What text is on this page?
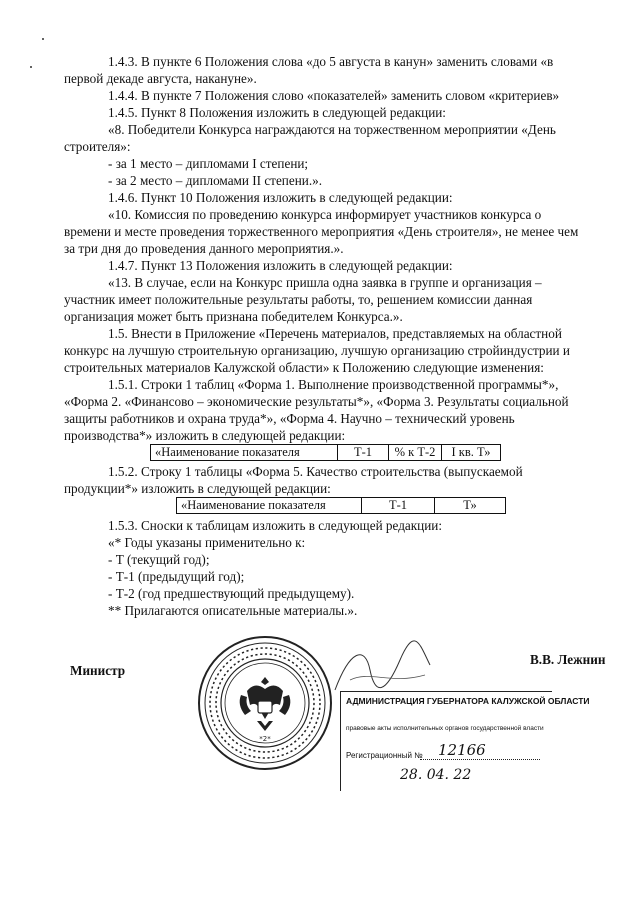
1.4.3. В пункте 6 Положения слова «до 5 августа в канун» заменить словами «в
первой декаде августа, накануне».
1.4.4. В пункте 7 Положения слово «показателей» заменить словом «критериев»
1.4.5. Пункт 8 Положения изложить в следующей редакции:
«8. Победители Конкурса награждаются на торжественном мероприятии «День
строителя»:
- за 1 место – дипломами I степени;
- за 2 место – дипломами II степени.».
1.4.6. Пункт 10 Положения изложить в следующей редакции:
«10. Комиссия по проведению конкурса информирует участников конкурса о
времени и месте проведения торжественного мероприятия «День строителя», не менее чем
за три дня до проведения данного мероприятия.».
1.4.7. Пункт 13 Положения изложить в следующей редакции:
«13. В случае, если на Конкурс пришла одна заявка в группе и организация –
участник имеет положительные результаты работы, то, решением комиссии данная
организация может быть признана победителем Конкурса.».
1.5. Внести в Приложение «Перечень материалов, представляемых на областной
конкурс на лучшую строительную организацию, лучшую организацию стройиндустрии и
строительных материалов Калужской области» к Положению следующие изменения:
1.5.1. Строки 1 таблиц «Форма 1. Выполнение производственной программы*»,
«Форма 2. «Финансово – экономические результаты*», «Форма 3. Результаты социальной
защиты работников и охрана труда*», «Форма 4. Научно – технический уровень
производства*» изложить в следующей редакции:
«Наименование показателя	Т-1	% к Т-2	I кв. Т»
1.5.2. Строку 1 таблицы «Форма 5. Качество строительства (выпускаемой
продукции*» изложить в следующей редакции:
«Наименование показателя	Т-1	Т»
1.5.3. Сноски к таблицам изложить в следующей редакции:
«* Годы указаны применительно к:
- Т (текущий год);
- Т-1 (предыдущий год);
- Т-2 (год предшествующий предыдущему).
** Прилагаются описательные материалы.».
Министр
В.В. Лежнин
*2*
АДМИНИСТРАЦИЯ ГУБЕРНАТОРА КАЛУЖСКОЙ ОБЛАСТИ
правовые акты исполнительных органов государственной власти
Регистрационный № 12166
28. 04. 22
